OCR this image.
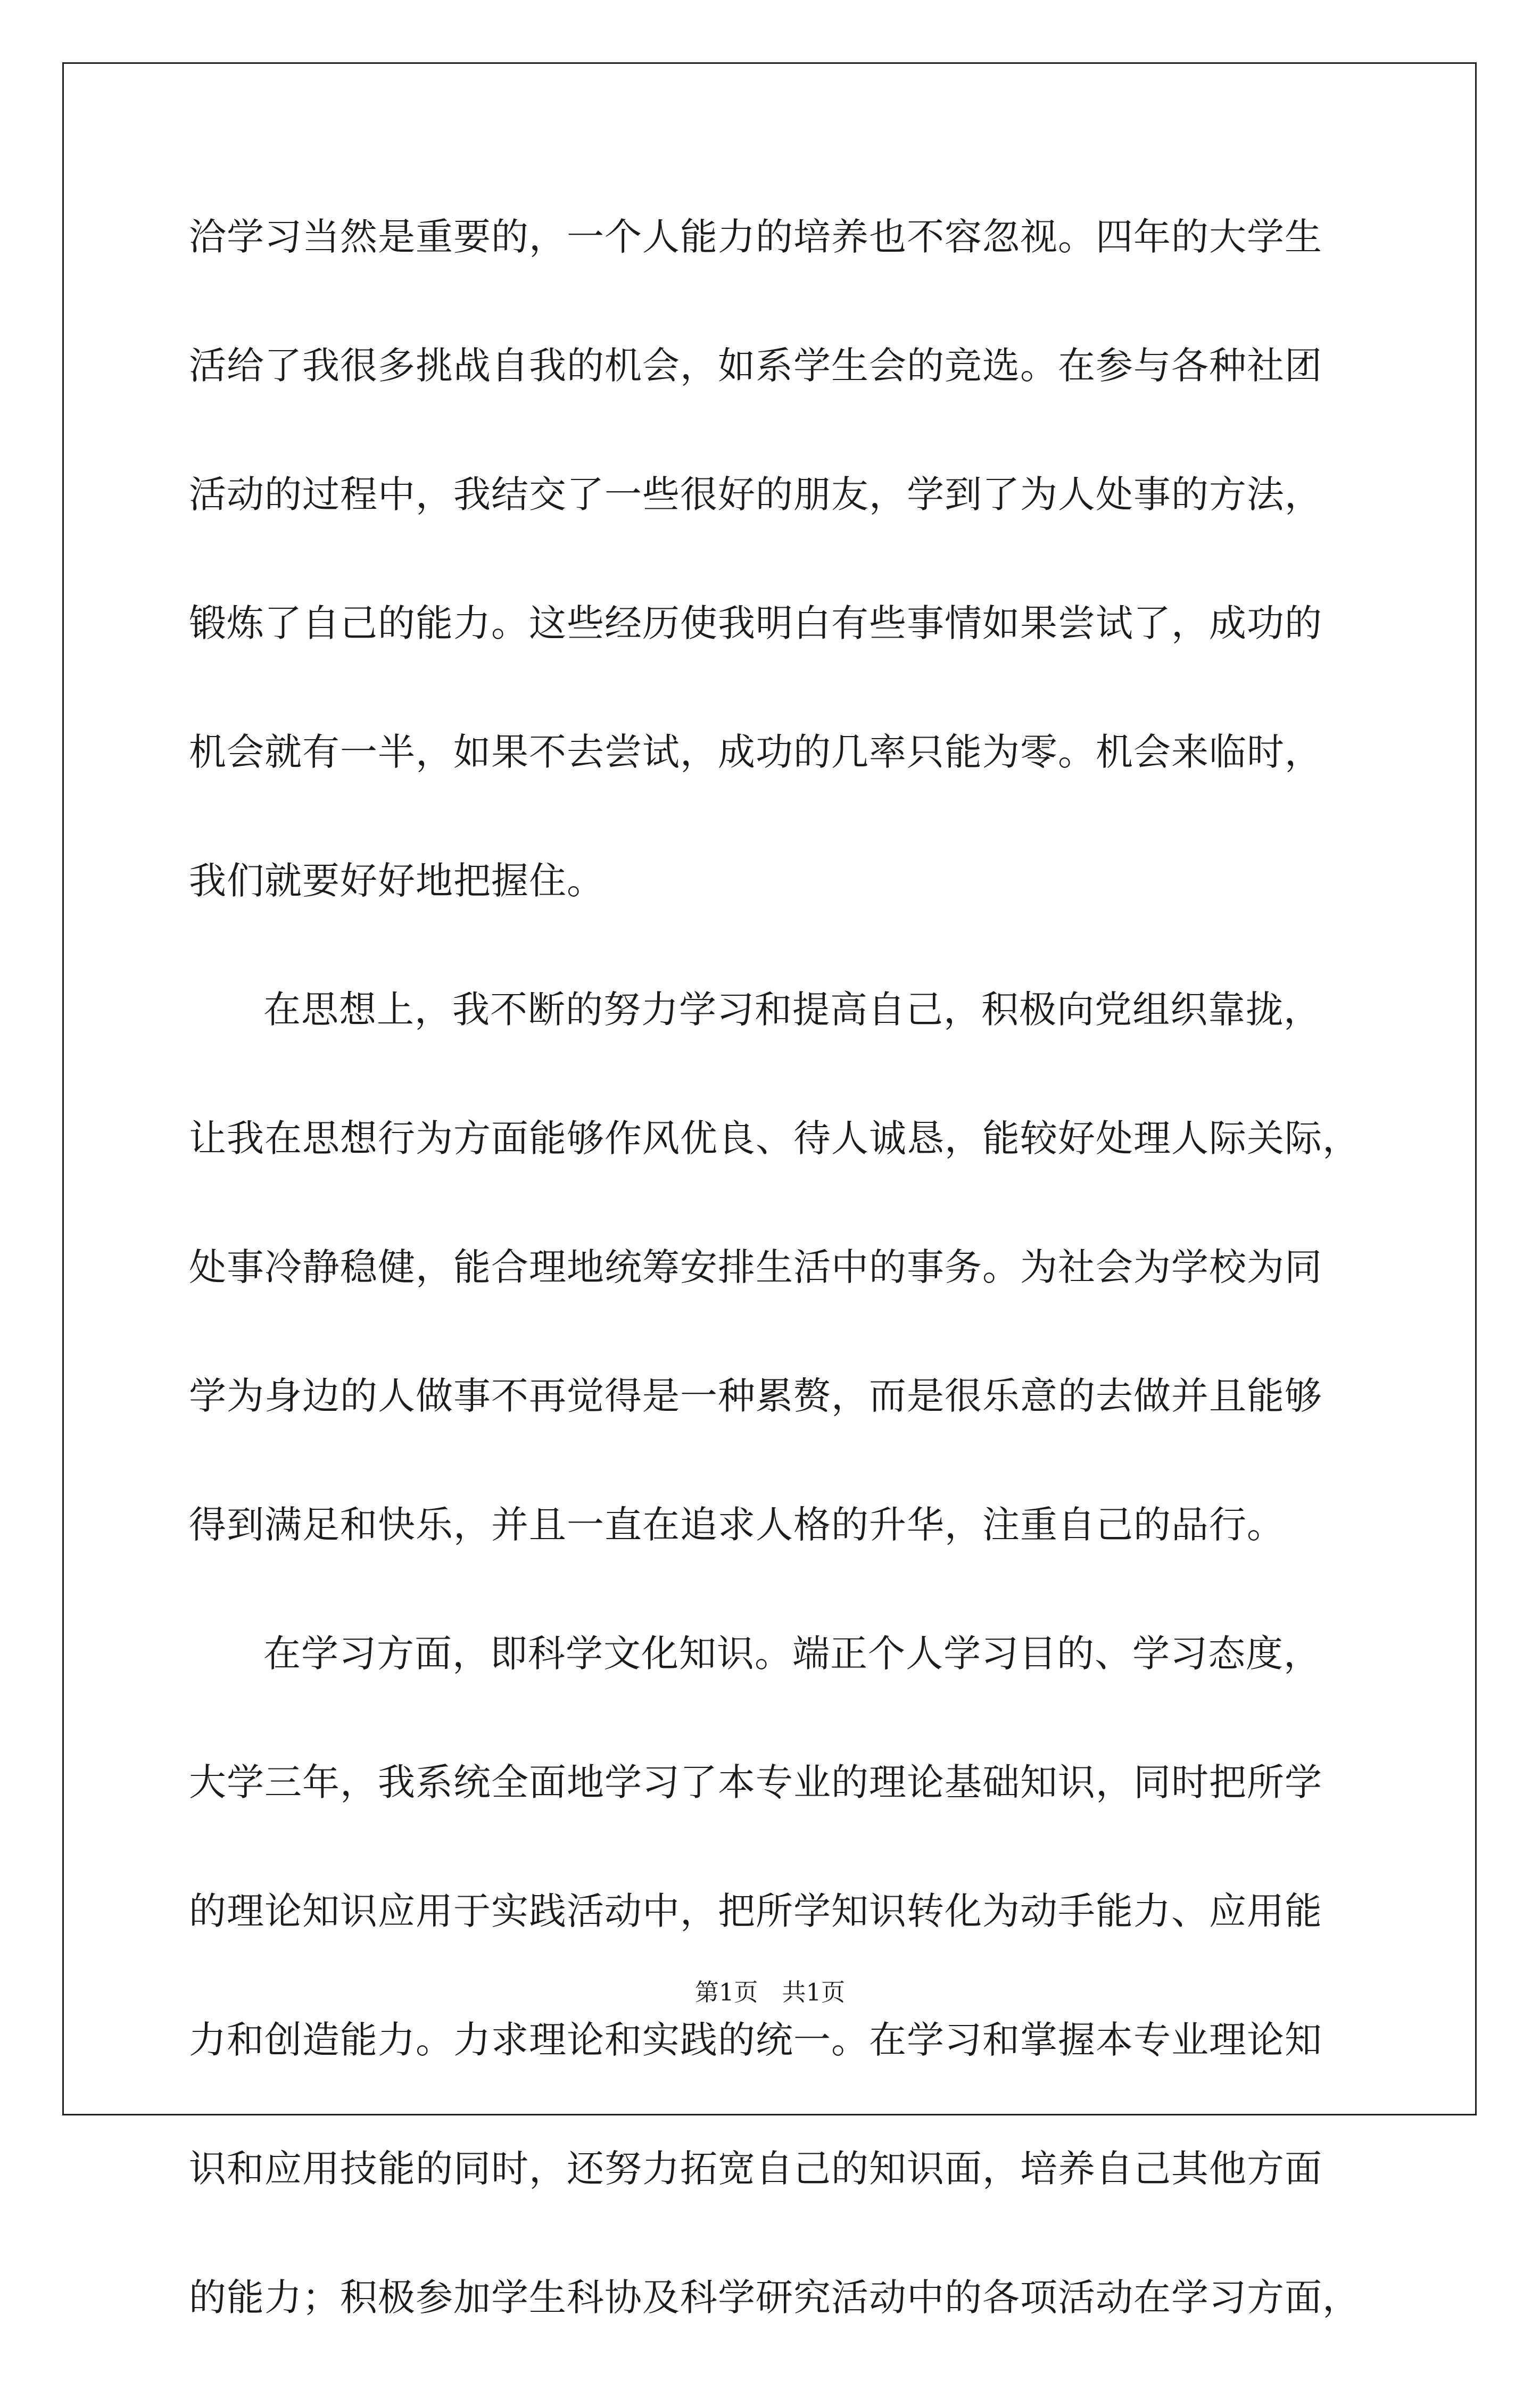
洽学习当然是重要的，一个人能力的培养也不容忽视。四年的大学生
活给了我很多挑战自我的机会，如系学生会的竞选。在参与各种社团
活动的过程中，我结交了一些很好的朋友，学到了为人处事的方法，
锻炼了自己的能力。这些经历使我明白有些事情如果尝试了，成功的
机会就有一半，如果不去尝试，成功的几率只能为零。机会来临时，
我们就要好好地把握住。
在思想上，我不断的努力学习和提高自己，积极向党组织靠拢，
让我在思想行为方面能够作风优良、待人诚恳，能较好处理人际关际，
处事冷静稳健，能合理地统筹安排生活中的事务。为社会为学校为同
学为身边的人做事不再觉得是一种累赘，而是很乐意的去做并且能够
得到满足和快乐，并且一直在追求人格的升华，注重自己的品行。
在学习方面，即科学文化知识。端正个人学习目的、学习态度，
大学三年，我系统全面地学习了本专业的理论基础知识，同时把所学
的理论知识应用于实践活动中，把所学知识转化为动手能力、应用能
力和创造能力。力求理论和实践的统一。在学习和掌握本专业理论知
识和应用技能的同时，还努力拓宽自己的知识面，培养自己其他方面
的能力；积极参加学生科协及科学研究活动中的各项活动在学习方面，
第1页 共1页
